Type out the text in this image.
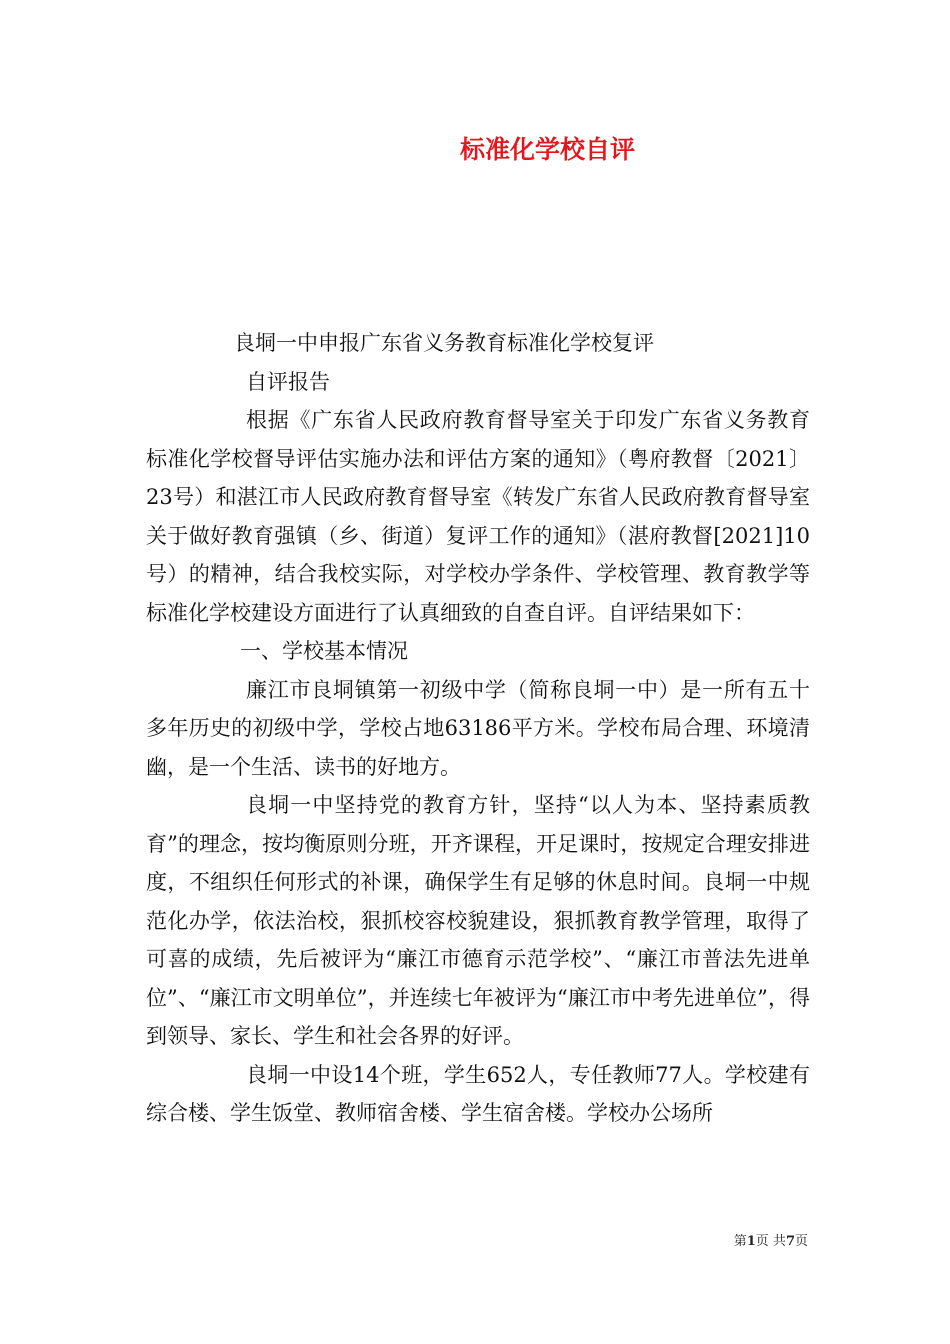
标准化学校自评

良垌一中申报广东省义务教育标准化学校复评

自评报告

根据《广东省人民政府教育督导室关于印发广东省义务教育标准化学校督导评估实施办法和评估方案的通知》（粤府教督〔2021〕23号）和湛江市人民政府教育督导室《转发广东省人民政府教育督导室关于做好教育强镇（乡、街道）复评工作的通知》（湛府教督[2021]10号）的精神，结合我校实际，对学校办学条件、学校管理、教育教学等标准化学校建设方面进行了认真细致的自查自评。自评结果如下：

一、学校基本情况

廉江市良垌镇第一初级中学（简称良垌一中）是一所有五十多年历史的初级中学，学校占地63186平方米。学校布局合理、环境清幽，是一个生活、读书的好地方。

良垌一中坚持党的教育方针，坚持“以人为本、坚持素质教育”的理念，按均衡原则分班，开齐课程，开足课时，按规定合理安排进度，不组织任何形式的补课，确保学生有足够的休息时间。良垌一中规范化办学，依法治校，狠抓校容校貌建设，狠抓教育教学管理，取得了可喜的成绩，先后被评为“廉江市德育示范学校”、“廉江市普法先进单位”、“廉江市文明单位”，并连续七年被评为“廉江市中考先进单位”，得到领导、家长、学生和社会各界的好评。

良垌一中设14个班，学生652人，专任教师77人。学校建有综合楼、学生饭堂、教师宿舍楼、学生宿舍楼。学校办公场所

第1页 共7页
